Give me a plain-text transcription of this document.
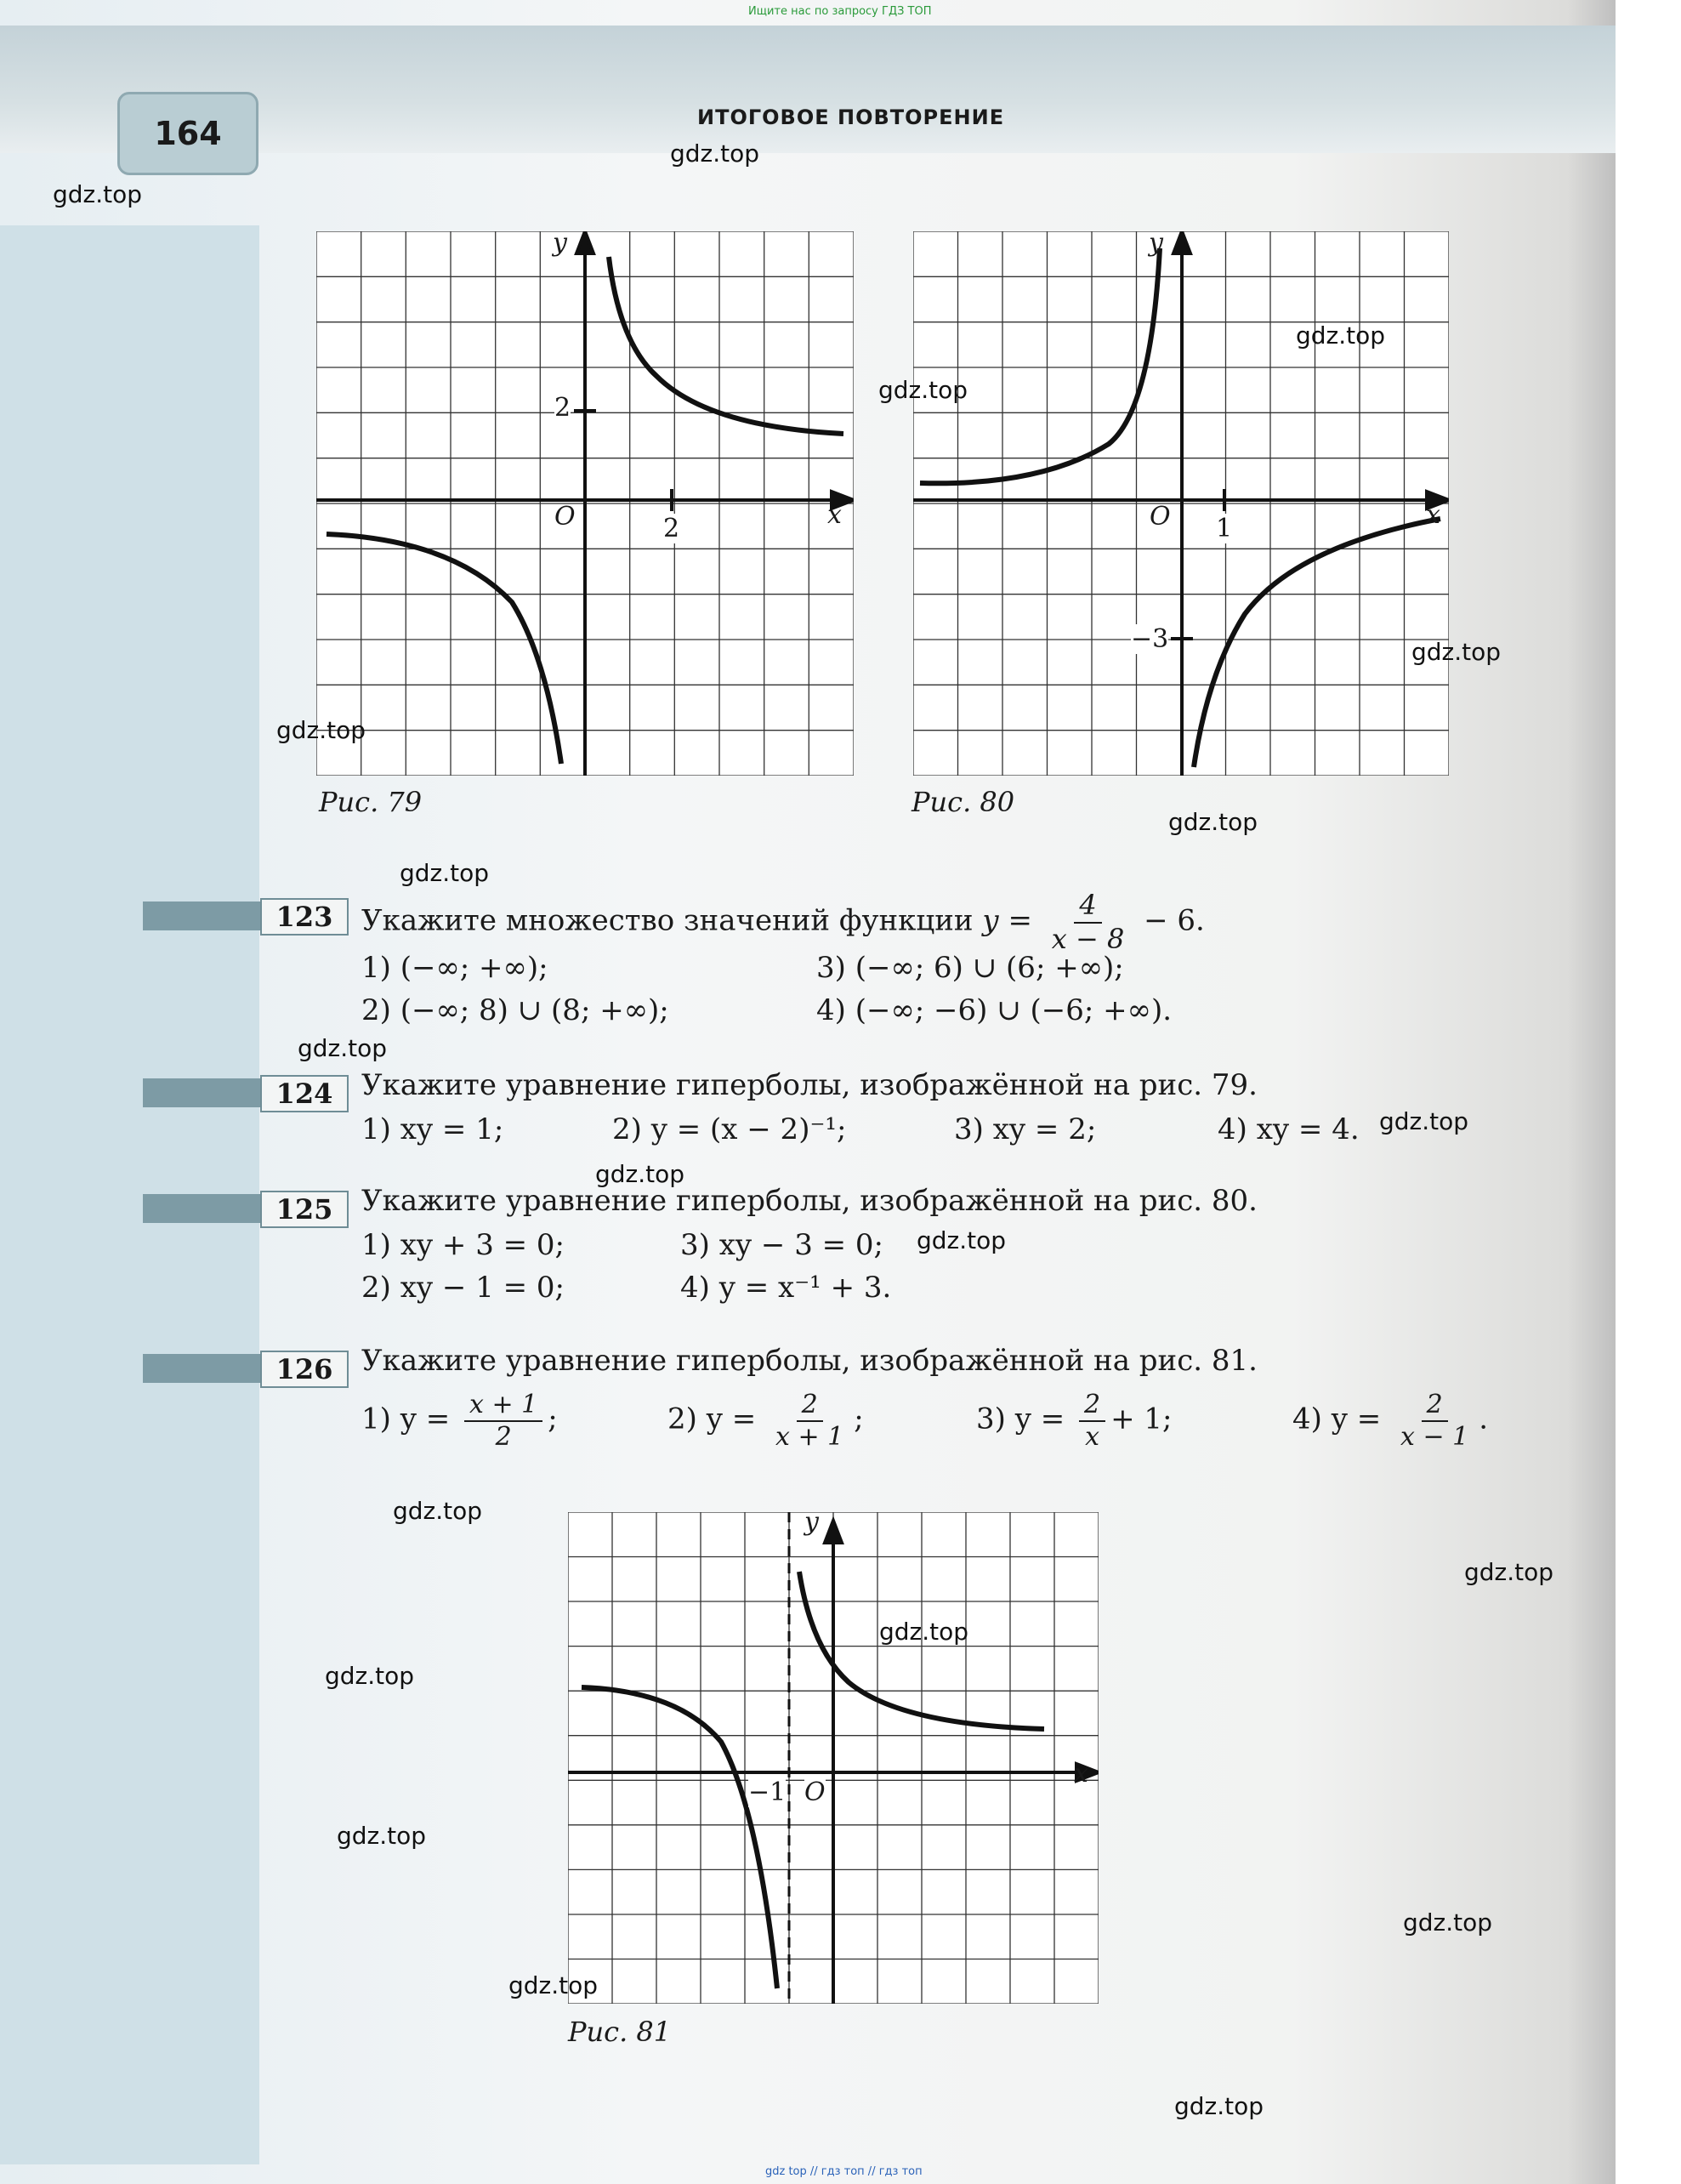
Ищите нас по запросу ГДЗ ТОП
164	ИТОГОВОЕ ПОВТОРЕНИЕ

y
x
O	2
2
Рис. 79
y
x
O 1
−3
Рис. 80
123 Укажите множество значений функции $y = \frac{4}{x - 8} - 6$.
1) (−∞; +∞);	3) (−∞; 6) ∪ (6; +∞);
2) (−∞; 8) ∪ (8; +∞);	4) (−∞; −6) ∪ (−6; +∞).
124 Укажите уравнение гиперболы, изображённой на рис. 79.
1) xy = 1;	2) y = (x − 2)⁻¹;	3) xy = 2;	4) xy = 4.
125 Укажите уравнение гиперболы, изображённой на рис. 80.
1) xy + 3 = 0;	3) xy − 3 = 0;
2) xy − 1 = 0;	4) y = x⁻¹ + 3.
126 Укажите уравнение гиперболы, изображённой на рис. 81.
1) $y = \frac{x + 1}{2}$ ;	2) $y = \frac{2}{x + 1}$ ;	3) $y = \frac{2}{x} + 1$;	4) $y = \frac{2}{x - 1}$ .
y
x
O
−1
Рис. 81
gdz.top
gdz.top
gdz.top
gdz.top
gdz.top
gdz.top
gdz.top
gdz.top
gdz.top
gdz.top
gdz.top
gdz.top
gdz.top
gdz.top
gdz.top
gdz.top
gdz.top
gdz.top
gdz.top
gdz.top
gdz top // гдз топ // гдз топ
